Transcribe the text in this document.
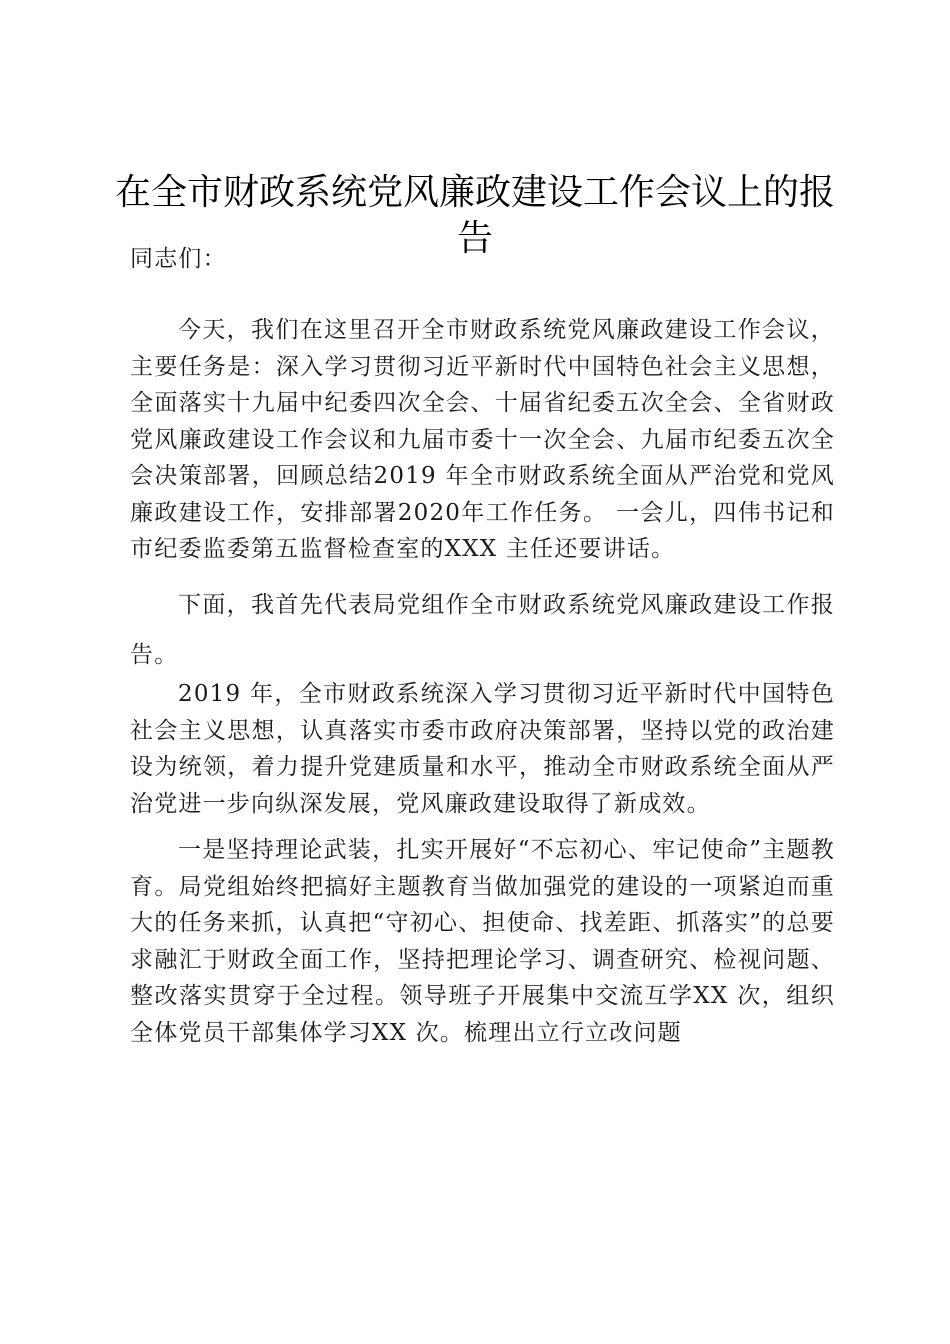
在全市财政系统党风廉政建设工作会议上的报告
同志们：
今天，我们在这里召开全市财政系统党风廉政建设工作会议，主要任务是：深入学习贯彻习近平新时代中国特色社会主义思想，全面落实十九届中纪委四次全会、十届省纪委五次全会、全省财政党风廉政建设工作会议和九届市委十一次全会、九届市纪委五次全会决策部署，回顾总结2019 年全市财政系统全面从严治党和党风廉政建设工作，安排部署2020年工作任务。 一会儿，四伟书记和市纪委监委第五监督检查室的XXX 主任还要讲话。
下面，我首先代表局党组作全市财政系统党风廉政建设工作报告。
2019 年，全市财政系统深入学习贯彻习近平新时代中国特色社会主义思想，认真落实市委市政府决策部署，坚持以党的政治建设为统领，着力提升党建质量和水平，推动全市财政系统全面从严治党进一步向纵深发展，党风廉政建设取得了新成效。
一是坚持理论武装，扎实开展好“不忘初心、牢记使命”主题教育。局党组始终把搞好主题教育当做加强党的建设的一项紧迫而重大的任务来抓，认真把“守初心、担使命、找差距、抓落实”的总要求融汇于财政全面工作，坚持把理论学习、调查研究、检视问题、整改落实贯穿于全过程。领导班子开展集中交流互学XX 次，组织全体党员干部集体学习XX 次。梳理出立行立改问题
